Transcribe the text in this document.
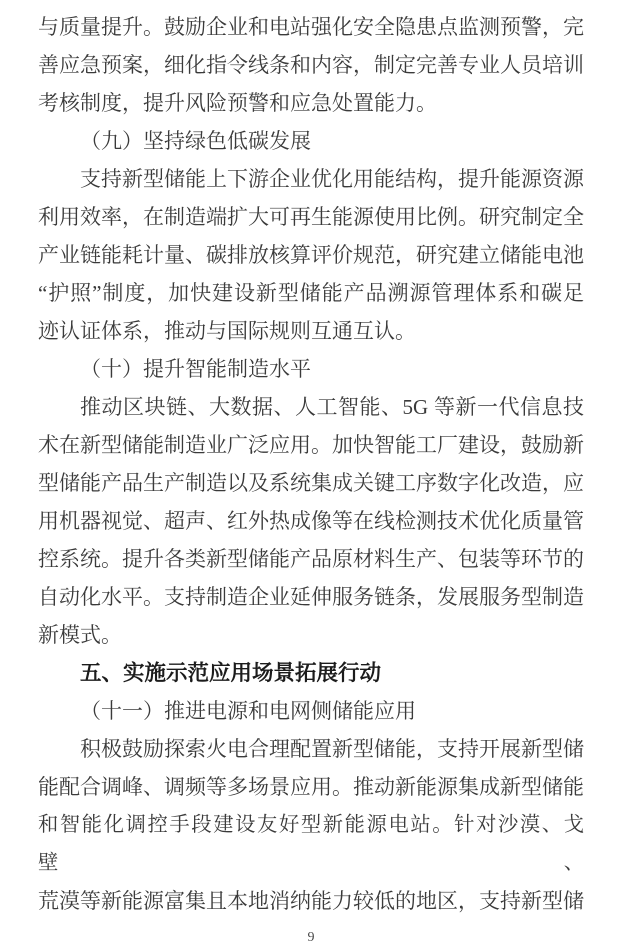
与质量提升。鼓励企业和电站强化安全隐患点监测预警，完
善应急预案，细化指令线条和内容，制定完善专业人员培训
考核制度，提升风险预警和应急处置能力。
（九）坚持绿色低碳发展
支持新型储能上下游企业优化用能结构，提升能源资源
利用效率，在制造端扩大可再生能源使用比例。研究制定全
产业链能耗计量、碳排放核算评价规范，研究建立储能电池
“护照”制度，加快建设新型储能产品溯源管理体系和碳足
迹认证体系，推动与国际规则互通互认。
（十）提升智能制造水平
推动区块链、大数据、人工智能、5G 等新一代信息技
术在新型储能制造业广泛应用。加快智能工厂建设，鼓励新
型储能产品生产制造以及系统集成关键工序数字化改造，应
用机器视觉、超声、红外热成像等在线检测技术优化质量管
控系统。提升各类新型储能产品原材料生产、包装等环节的
自动化水平。支持制造企业延伸服务链条，发展服务型制造
新模式。
五、实施示范应用场景拓展行动
（十一）推进电源和电网侧储能应用
积极鼓励探索火电合理配置新型储能，支持开展新型储
能配合调峰、调频等多场景应用。推动新能源集成新型储能
和智能化调控手段建设友好型新能源电站。针对沙漠、戈壁、
荒漠等新能源富集且本地消纳能力较低的地区，支持新型储
9
